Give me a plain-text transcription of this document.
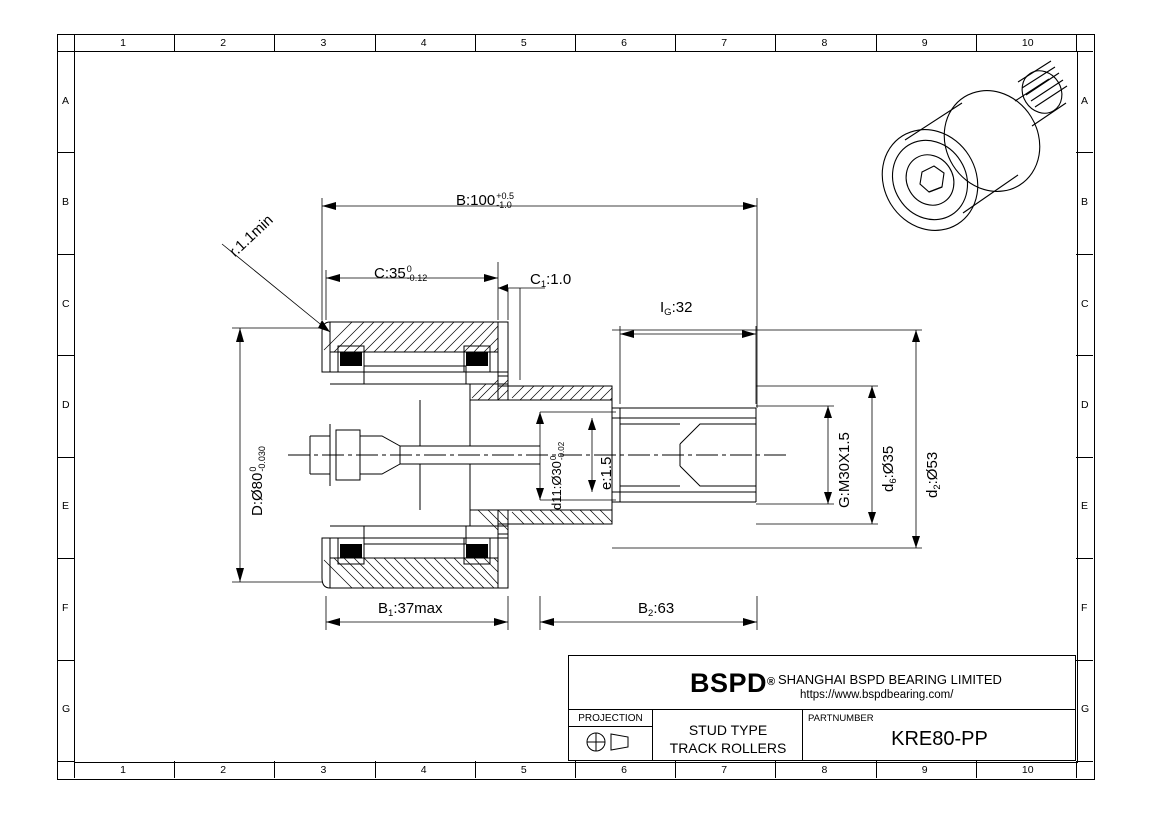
1	2	3	4	5	6	7	8	9	10
1	2	3	4	5	6	7	8	9	10
A
B
C
D
E
F
G
A
B
C
D
E
F
G
B:100 +0.5
-1.0
C:35 0
-0.12	$C_1:1.0$
$I_G:32$
r.1.1min
D:Ø80
0 -0.030
d11:Ø30
0 -0.02
e:1.5	G:M30X1.5 $d_6:Ø35$
$d_2:Ø53$
$B_1:37\max$	$B_2:63$
PROJECTION
BSPD® SHANGHAI BSPD BEARING LIMITED
https://www.bspdbearing.com/
STUD TYPE
TRACK ROLLERS
PARTNUMBER
KRE80-PP
